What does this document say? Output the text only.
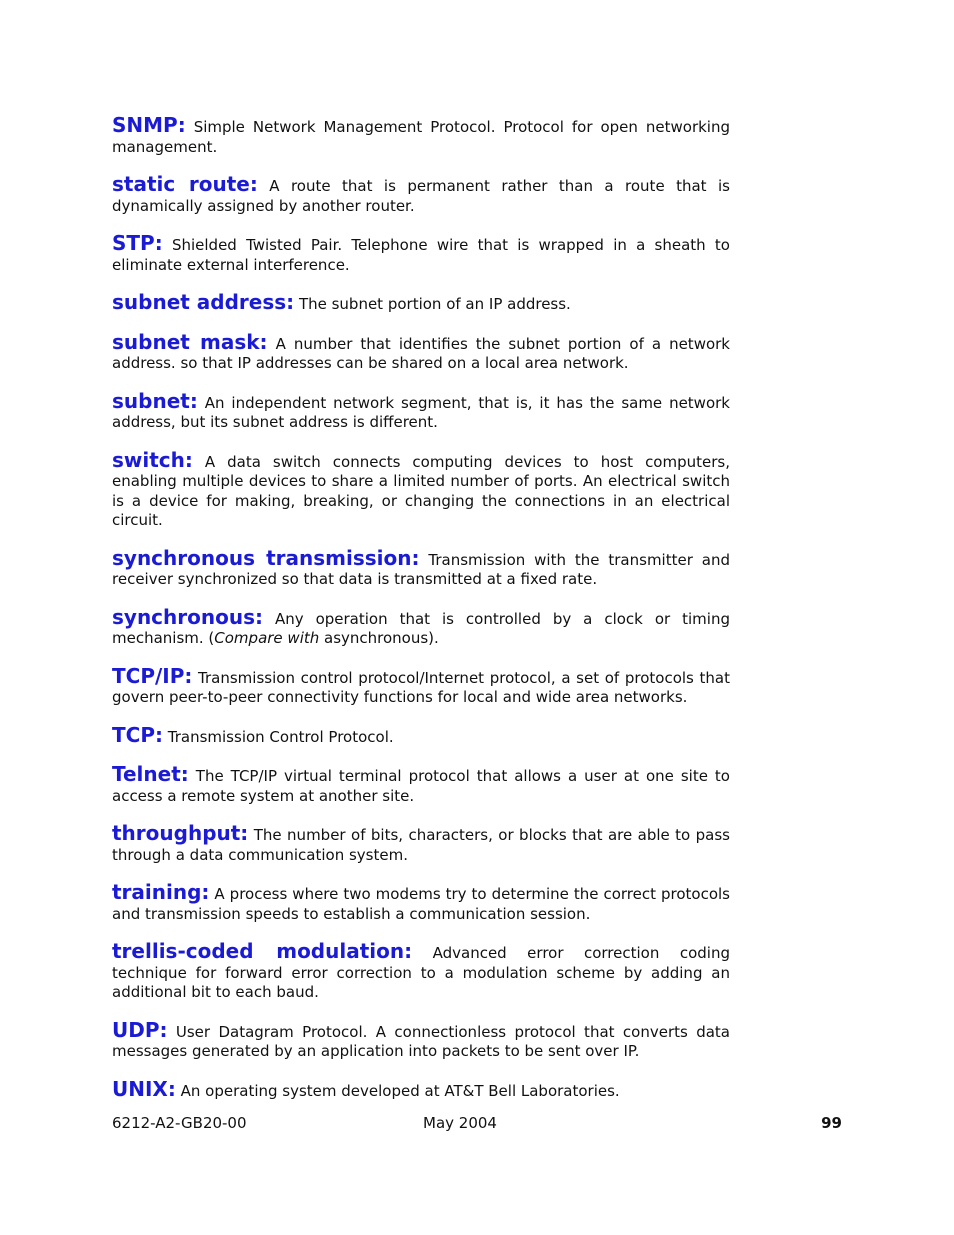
SNMP: Simple Network Management Protocol. Protocol for open networking management.

static route: A route that is permanent rather than a route that is dynamically assigned by another router.

STP: Shielded Twisted Pair. Telephone wire that is wrapped in a sheath to eliminate external interference.

subnet address: The subnet portion of an IP address.

subnet mask: A number that identifies the subnet portion of a network address. so that IP addresses can be shared on a local area network.

subnet: An independent network segment, that is, it has the same network address, but its subnet address is different.

switch: A data switch connects computing devices to host computers, enabling multiple devices to share a limited number of ports. An electrical switch is a device for making, breaking, or changing the connections in an electrical circuit.

synchronous transmission: Transmission with the transmitter and receiver synchronized so that data is transmitted at a fixed rate.

synchronous: Any operation that is controlled by a clock or timing mechanism. (Compare with asynchronous).

TCP/IP: Transmission control protocol/Internet protocol, a set of protocols that govern peer-to-peer connectivity functions for local and wide area networks.

TCP: Transmission Control Protocol.

Telnet: The TCP/IP virtual terminal protocol that allows a user at one site to access a remote system at another site.

throughput: The number of bits, characters, or blocks that are able to pass through a data communication system.

training: A process where two modems try to determine the correct protocols and transmission speeds to establish a communication session.

trellis-coded modulation: Advanced error correction coding technique for forward error correction to a modulation scheme by adding an additional bit to each baud.

UDP: User Datagram Protocol. A connectionless protocol that converts data messages generated by an application into packets to be sent over IP.

UNIX: An operating system developed at AT&T Bell Laboratories.

6212-A2-GB20-00	May 2004	99
